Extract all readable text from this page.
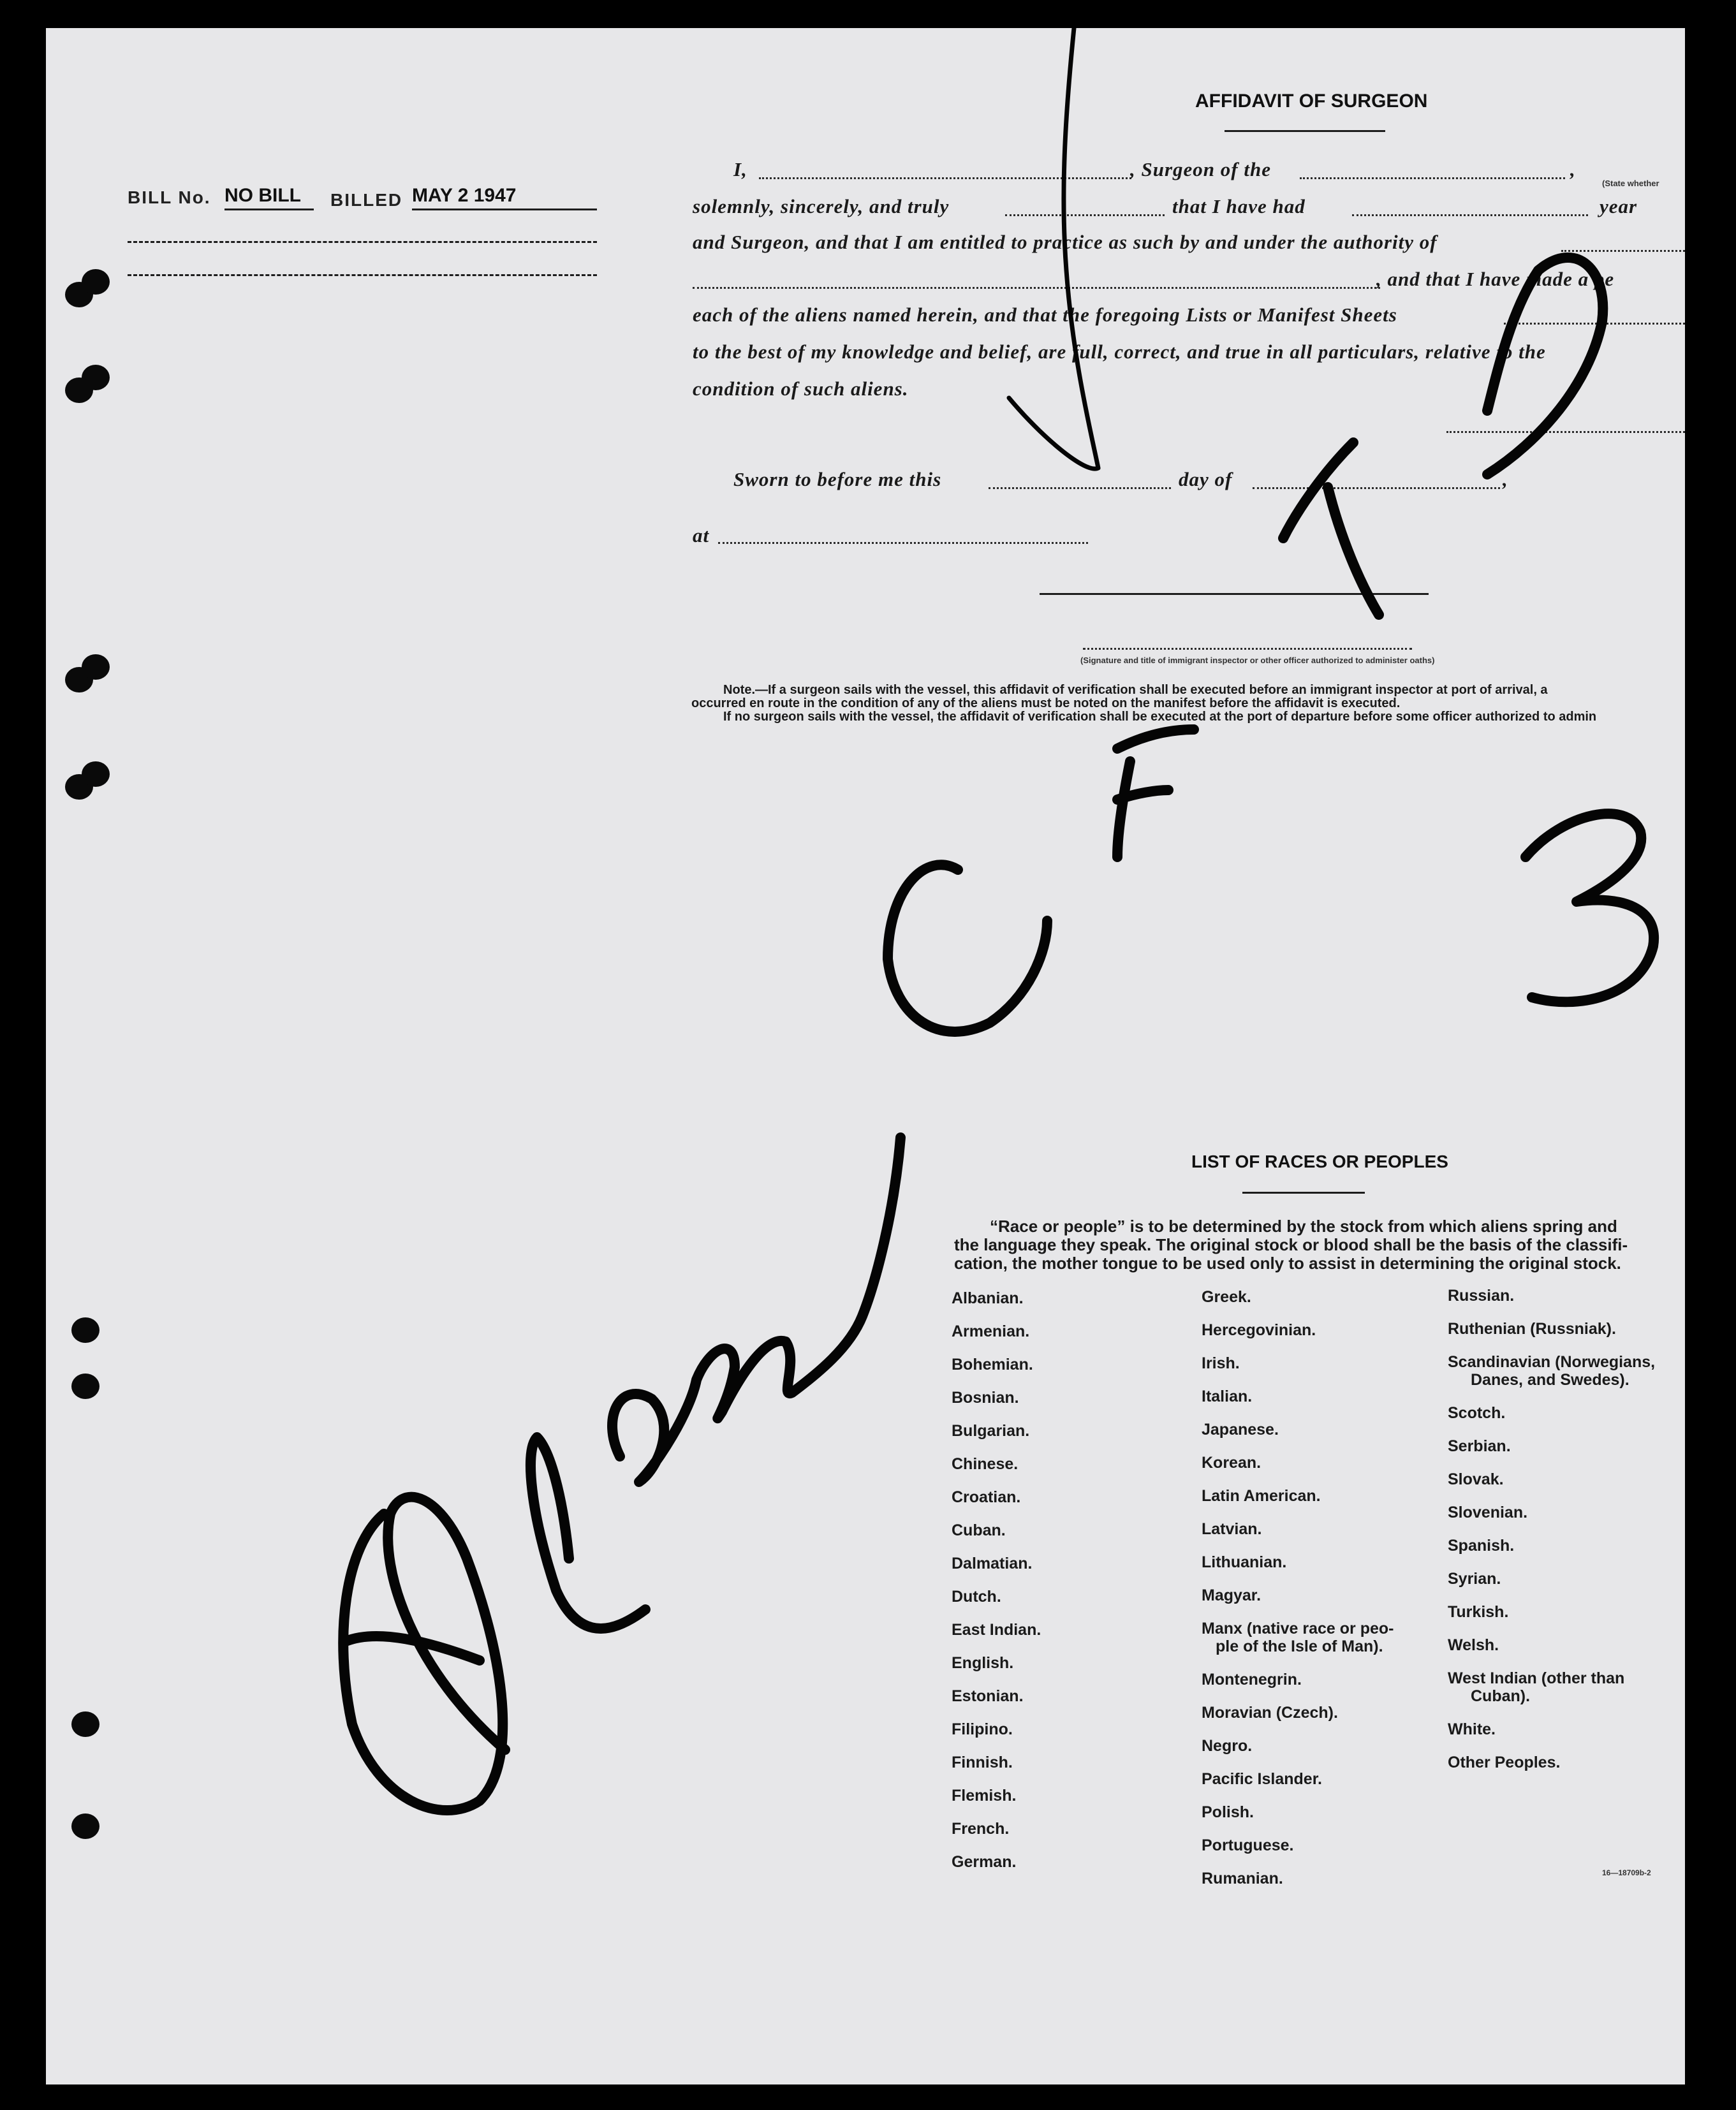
BILL No. NO BILL BILLED MAY 2 1947
AFFIDAVIT OF SURGEON
I,	, Surgeon of the	,
(State whether
solemnly, sincerely, and truly	that I have had	year
and Surgeon, and that I am entitled to practice as such by and under the authority of
, and that I have made a pe
each of the aliens named herein, and that the foregoing Lists or Manifest Sheets
to the best of my knowledge and belief, are full, correct, and true in all particulars, relative to the
condition of such aliens.
Sworn to before me this	day of	,
at
(Signature and title of immigrant inspector or other officer authorized to administer oaths)
Note.—If a surgeon sails with the vessel, this affidavit of verification shall be executed before an immigrant inspector at port of arrival, a
occurred en route in the condition of any of the aliens must be noted on the manifest before the affidavit is executed.
If no surgeon sails with the vessel, the affidavit of verification shall be executed at the port of departure before some officer authorized to admin
LIST OF RACES OR PEOPLES
“Race or people” is to be determined by the stock from which aliens spring and
the language they speak. The original stock or blood shall be the basis of the classifi-
cation, the mother tongue to be used only to assist in determining the original stock.
Albanian.
Armenian.
Bohemian.
Bosnian.
Bulgarian.
Chinese.
Croatian.
Cuban.
Dalmatian.
Dutch.
East Indian.
English.
Estonian.
Filipino.
Finnish.
Flemish.
French.
German.
Greek.
Hercegovinian.
Irish.
Italian.
Japanese.
Korean.
Latin American.
Latvian.
Lithuanian.
Magyar.
Manx (native race or peo-
ple of the Isle of Man).
Montenegrin.
Moravian (Czech).
Negro.
Pacific Islander.
Polish.
Portuguese.
Rumanian.
Russian.
Ruthenian (Russniak).
Scandinavian (Norwegians,
Danes, and Swedes).
Scotch.
Serbian.
Slovak.
Slovenian.
Spanish.
Syrian.
Turkish.
Welsh.
West Indian (other than
Cuban).
White.
Other Peoples.
16—18709b-2
